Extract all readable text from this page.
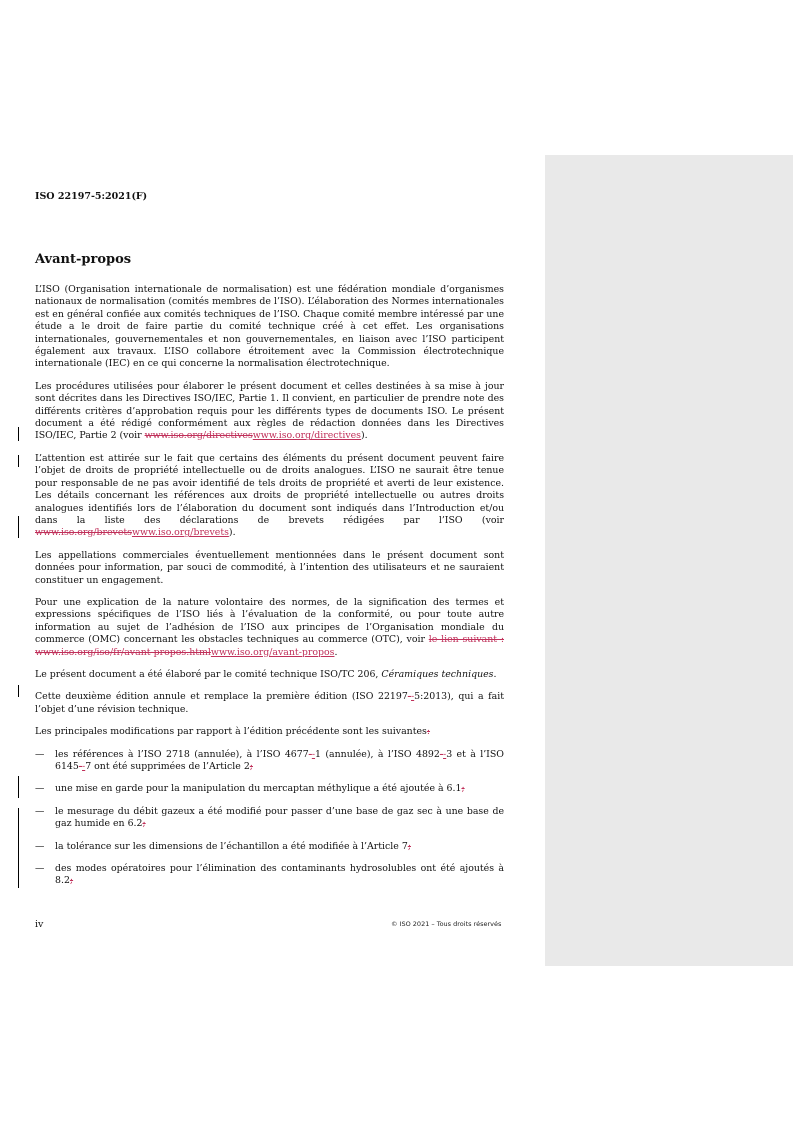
ISO 22197-5:2021(F)
Avant-propos

L’ISO (Organisation internationale de normalisation) est une fédération mondiale d’organismes nationaux de normalisation (comités membres de l’ISO). L’élaboration des Normes internationales est en général confiée aux comités techniques de l’ISO. Chaque comité membre intéressé par une étude a le droit de faire partie du comité technique créé à cet effet. Les organisations internationales, gouvernementales et non gouvernementales, en liaison avec l’ISO participent également aux travaux. L’ISO collabore étroitement avec la Commission électrotechnique internationale (IEC) en ce qui concerne la normalisation électrotechnique.

Les procédures utilisées pour élaborer le présent document et celles destinées à sa mise à jour sont décrites dans les Directives ISO/IEC, Partie 1. Il convient, en particulier de prendre note des différents critères d’approbation requis pour les différents types de documents ISO. Le présent document a été rédigé conformément aux règles de rédaction données dans les Directives ISO/IEC, Partie 2 (voir www.iso.org/directiveswww.iso.org/directives).

L’attention est attirée sur le fait que certains des éléments du présent document peuvent faire l’objet de droits de propriété intellectuelle ou de droits analogues. L’ISO ne saurait être tenue pour responsable de ne pas avoir identifié de tels droits de propriété et averti de leur existence. Les détails concernant les références aux droits de propriété intellectuelle ou autres droits analogues identifiés lors de l’élaboration du document sont indiqués dans l’Introduction et/ou dans la liste des déclarations de brevets rédigées par l’ISO (voir www.iso.org/brevetswww.iso.org/brevets).

Les appellations commerciales éventuellement mentionnées dans le présent document sont données pour information, par souci de commodité, à l’intention des utilisateurs et ne sauraient constituer un engagement.

Pour une explication de la nature volontaire des normes, de la signification des termes et expressions spécifiques de l’ISO liés à l’évaluation de la conformité, ou pour toute autre information au sujet de l’adhésion de l’ISO aux principes de l’Organisation mondiale du commerce (OMC) concernant les obstacles techniques au commerce (OTC), voir le lien suivant : www.iso.org/iso/fr/avant-propos.htmlwww.iso.org/avant-propos.

Le présent document a été élaboré par le comité technique ISO/TC 206, Céramiques techniques.

Cette deuxième édition annule et remplace la première édition (ISO 22197--5:2013), qui a fait l’objet d’une révision technique.

Les principales modifications par rapport à l’édition précédente sont les suivantes:

— les références à l’ISO 2718 (annulée), à l’ISO 4677--1 (annulée), à l’ISO 4892--3 et à l’ISO 6145--7 ont été supprimées de l’Article 2;
— une mise en garde pour la manipulation du mercaptan méthylique a été ajoutée à 6.1;
— le mesurage du débit gazeux a été modifié pour passer d’une base de gaz sec à une base de gaz humide en 6.2;
— la tolérance sur les dimensions de l’échantillon a été modifiée à l’Article 7;
— des modes opératoires pour l’élimination des contaminants hydrosolubles ont été ajoutés à 8.2;
iv	© ISO 2021 – Tous droits réservés
